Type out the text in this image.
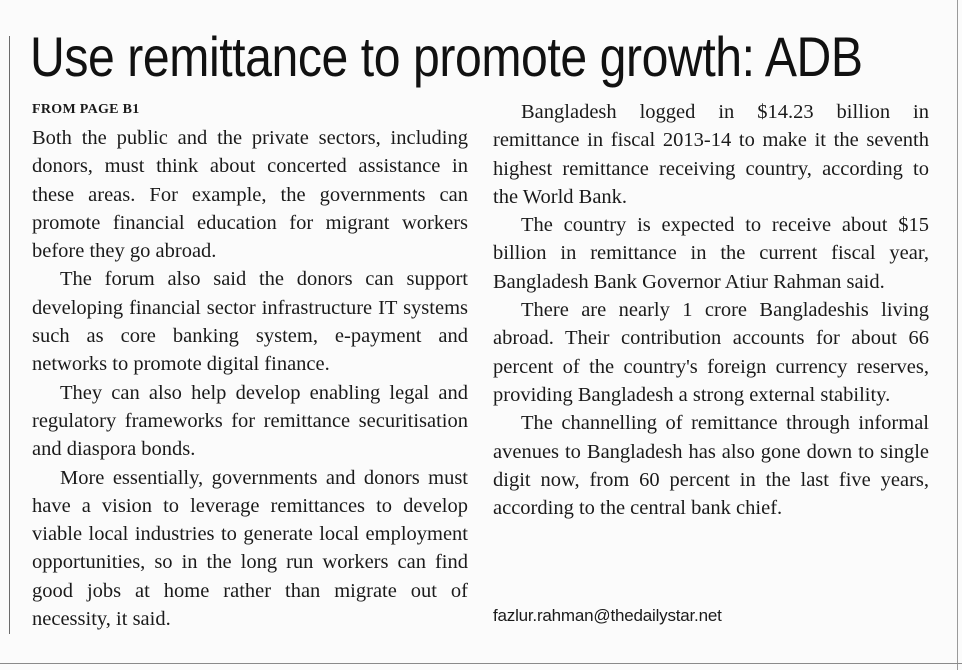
Use remittance to promote growth: ADB
FROM PAGE B1

Both the public and the private sectors, including donors, must think about concerted assistance in these areas. For example, the governments can promote financial education for migrant workers before they go abroad.

The forum also said the donors can support developing financial sector infrastructure IT systems such as core banking system, e-payment and networks to promote digital finance.

They can also help develop enabling legal and regulatory frameworks for remittance securitisation and diaspora bonds.

More essentially, governments and donors must have a vision to leverage remittances to develop viable local industries to generate local employment opportunities, so in the long run workers can find good jobs at home rather than migrate out of necessity, it said.

Bangladesh logged in $14.23 billion in remittance in fiscal 2013-14 to make it the seventh highest remittance receiving country, according to the World Bank.

The country is expected to receive about $15 billion in remittance in the current fiscal year, Bangladesh Bank Governor Atiur Rahman said.

There are nearly 1 crore Bangladeshis living abroad. Their contribution accounts for about 66 percent of the country's foreign currency reserves, providing Bangladesh a strong external stability.

The channelling of remittance through informal avenues to Bangladesh has also gone down to single digit now, from 60 percent in the last five years, according to the central bank chief.

fazlur.rahman@thedailystar.net
